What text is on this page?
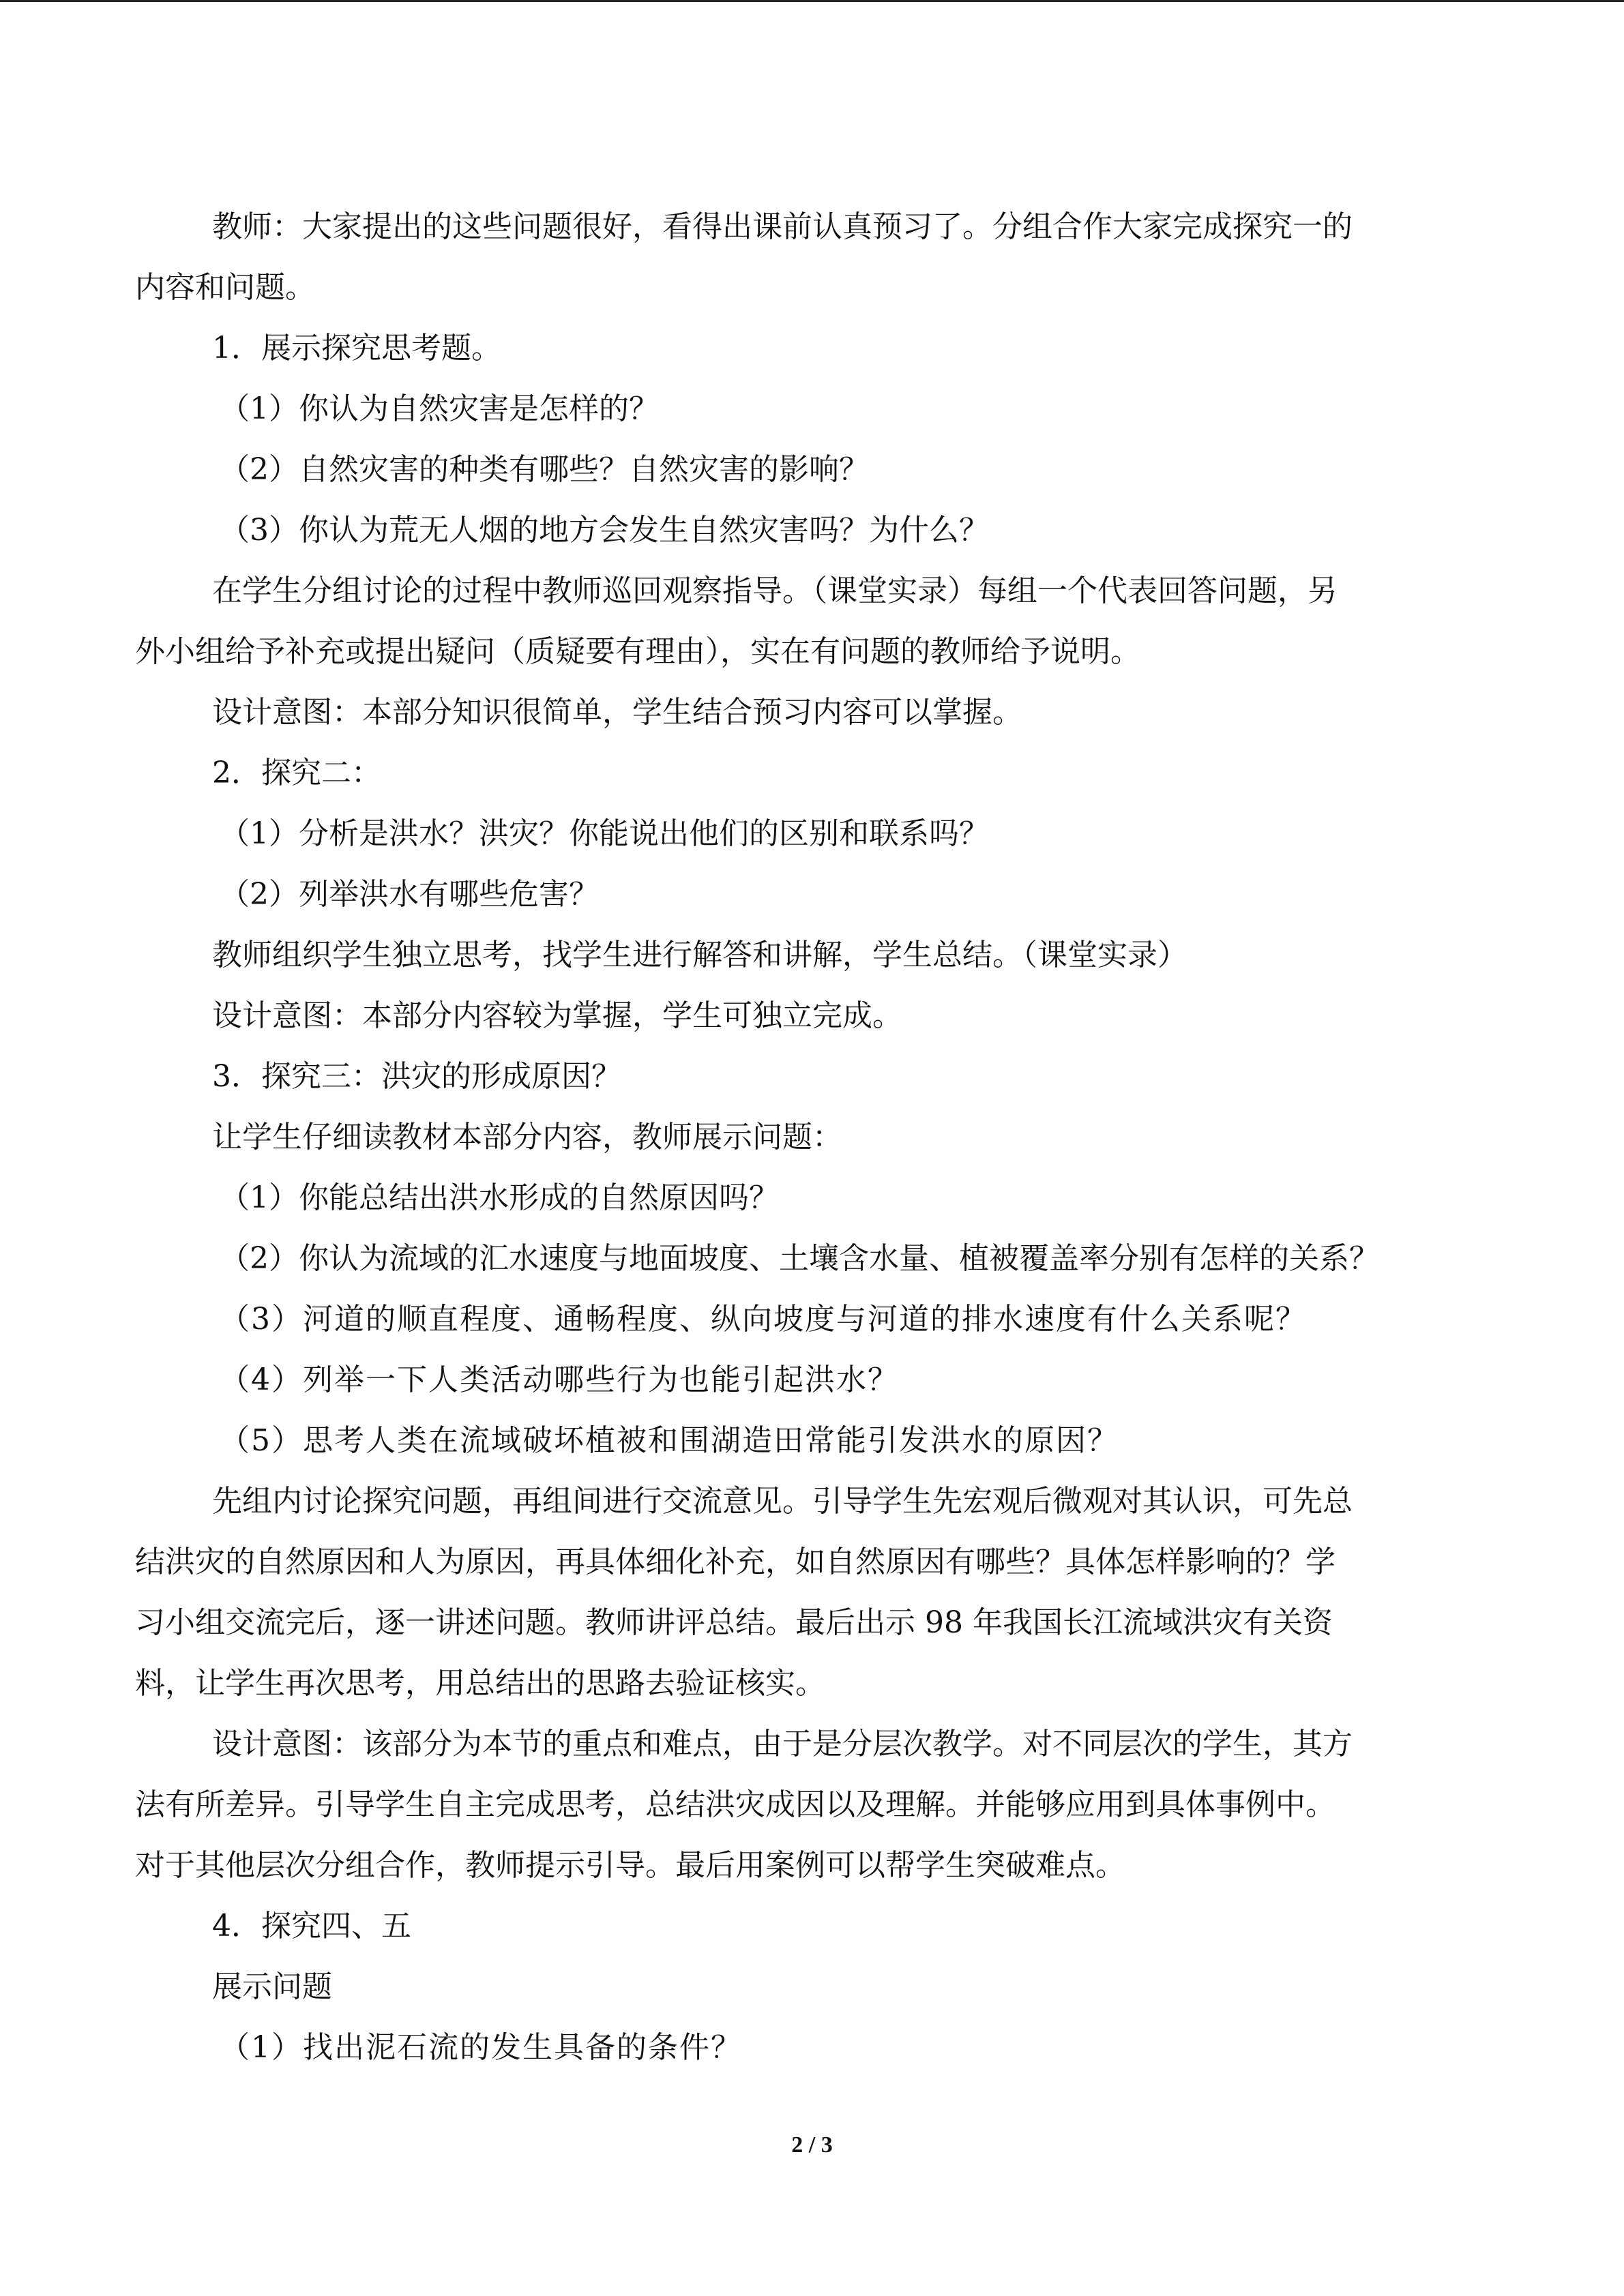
教师：大家提出的这些问题很好，看得出课前认真预习了。分组合作大家完成探究一的

内容和问题。

1．展示探究思考题。

（1）你认为自然灾害是怎样的？

（2）自然灾害的种类有哪些？自然灾害的影响？

（3）你认为荒无人烟的地方会发生自然灾害吗？为什么？

在学生分组讨论的过程中教师巡回观察指导。（课堂实录）每组一个代表回答问题，另

外小组给予补充或提出疑问（质疑要有理由），实在有问题的教师给予说明。

设计意图：本部分知识很简单，学生结合预习内容可以掌握。

2．探究二：

（1）分析是洪水？洪灾？你能说出他们的区别和联系吗？

（2）列举洪水有哪些危害？

教师组织学生独立思考，找学生进行解答和讲解，学生总结。（课堂实录）

设计意图：本部分内容较为掌握，学生可独立完成。

3．探究三：洪灾的形成原因？

让学生仔细读教材本部分内容，教师展示问题：

（1）你能总结出洪水形成的自然原因吗？

（2）你认为流域的汇水速度与地面坡度、土壤含水量、植被覆盖率分别有怎样的关系？

（3）河道的顺直程度、通畅程度、纵向坡度与河道的排水速度有什么关系呢？

（4）列举一下人类活动哪些行为也能引起洪水？

（5）思考人类在流域破坏植被和围湖造田常能引发洪水的原因？

先组内讨论探究问题，再组间进行交流意见。引导学生先宏观后微观对其认识，可先总

结洪灾的自然原因和人为原因，再具体细化补充，如自然原因有哪些？具体怎样影响的？学

习小组交流完后，逐一讲述问题。教师讲评总结。最后出示 98 年我国长江流域洪灾有关资

料，让学生再次思考，用总结出的思路去验证核实。

设计意图：该部分为本节的重点和难点，由于是分层次教学。对不同层次的学生，其方

法有所差异。引导学生自主完成思考，总结洪灾成因以及理解。并能够应用到具体事例中。

对于其他层次分组合作，教师提示引导。最后用案例可以帮学生突破难点。

4．探究四、五

展示问题

（1）找出泥石流的发生具备的条件？

2 / 3
